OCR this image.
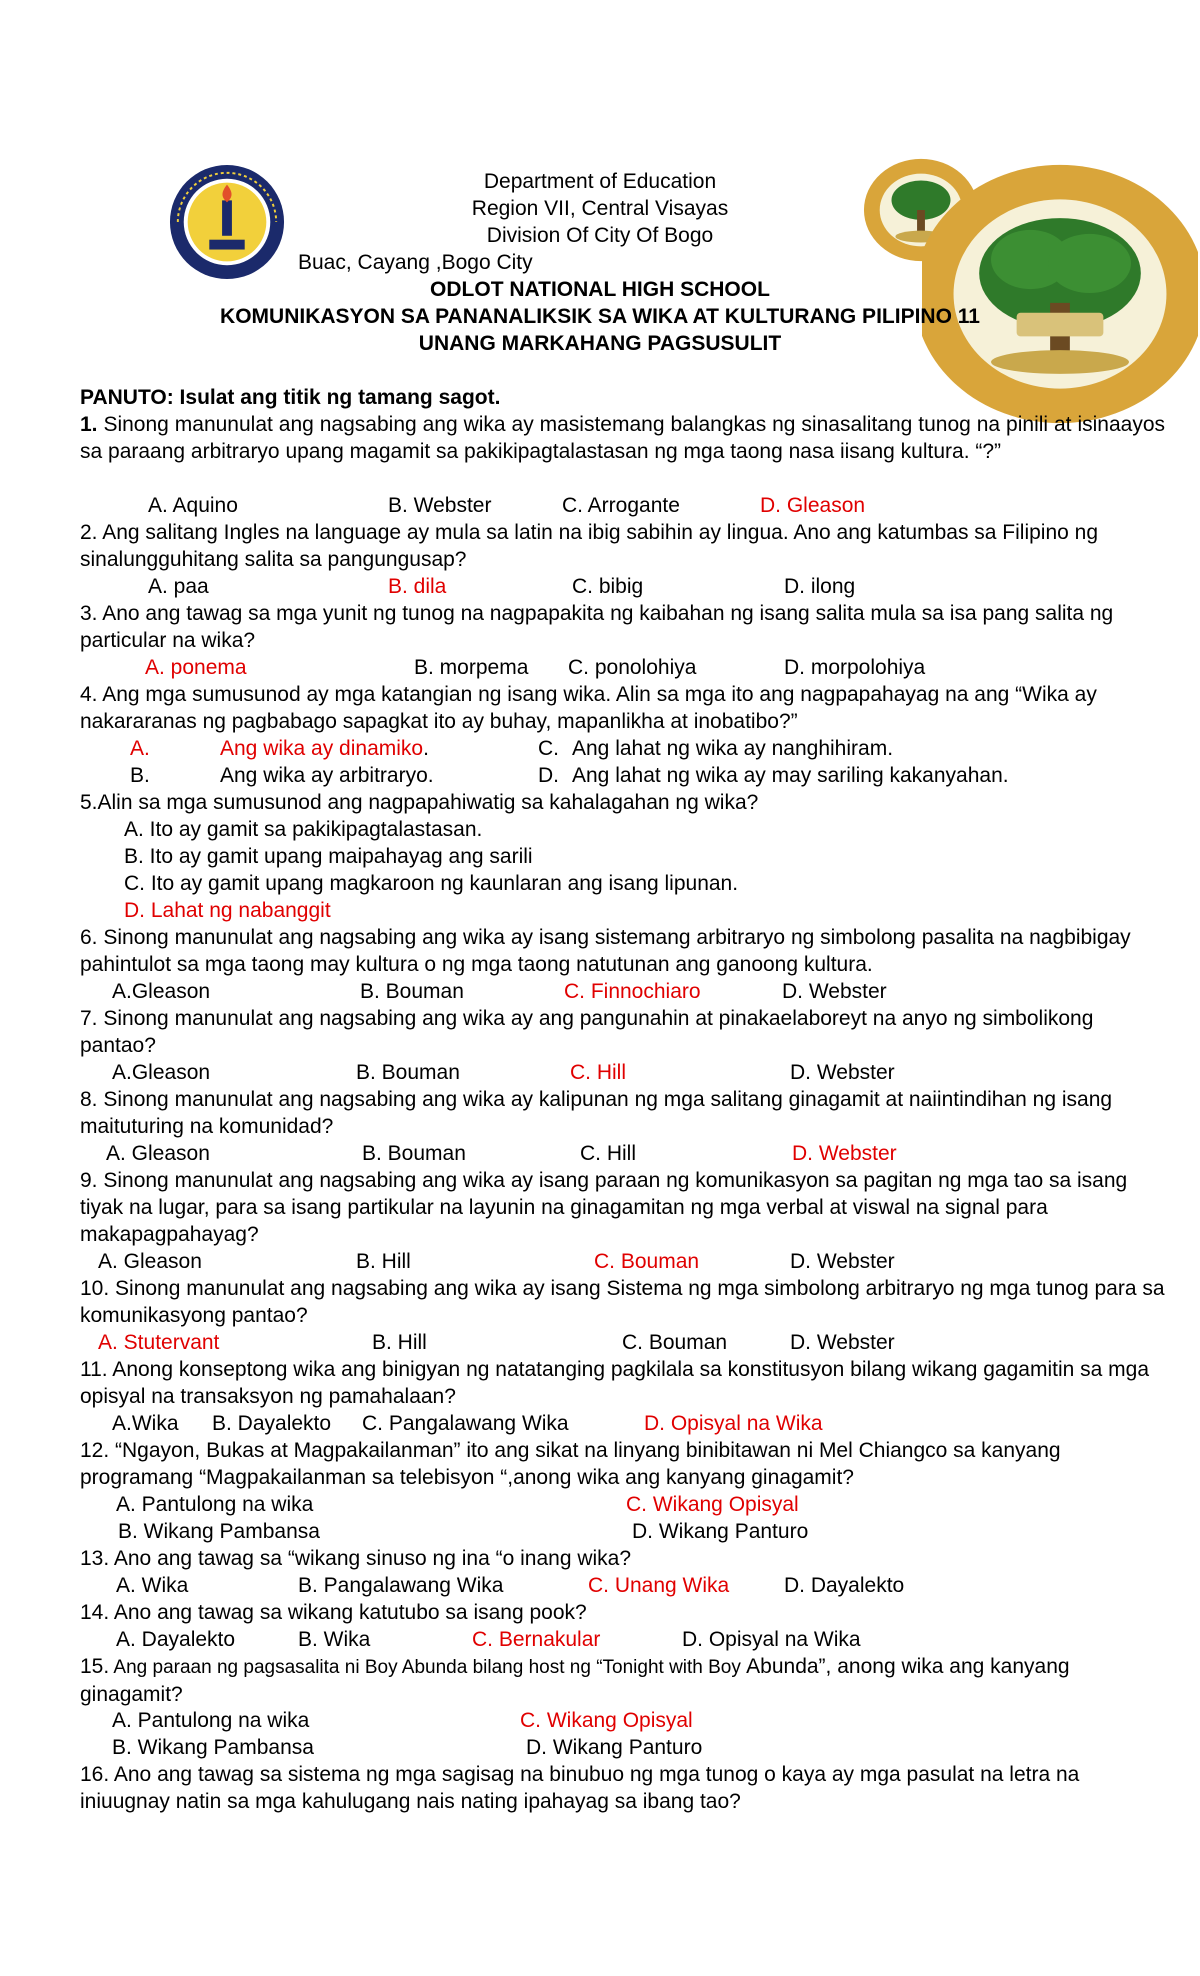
Department of Education
Region VII, Central Visayas
Division Of City Of Bogo
Buac, Cayang ,Bogo City
ODLOT NATIONAL HIGH SCHOOL
KOMUNIKASYON SA PANANALIKSIK SA WIKA AT KULTURANG PILIPINO 11
UNANG MARKAHANG PAGSUSULIT
PANUTO: Isulat ang titik ng tamang sagot.
1. Sinong manunulat ang nagsabing ang wika ay masistemang balangkas ng sinasalitang tunog na pinili at isinaayos sa paraang arbitraryo upang magamit sa pakikipagtalastasan ng mga taong nasa iisang kultura. “?”
A. Aquino	B. Webster	C. Arrogante	D. Gleason
2. Ang salitang Ingles na language ay mula sa latin na ibig sabihin ay lingua. Ano ang katumbas sa Filipino ng sinalungguhitang salita sa pangungusap?
A. paa	B. dila	C. bibig	D. ilong
3. Ano ang tawag sa mga yunit ng tunog na nagpapakita ng kaibahan ng isang salita mula sa isa pang salita ng particular na wika?
A. ponema	B. morpema C. ponolohiya	D. morpolohiya
4. Ang mga sumusunod ay mga katangian ng isang wika. Alin sa mga ito ang nagpapahayag na ang “Wika ay nakararanas ng pagbabago sapagkat ito ay buhay, mapanlikha at inobatibo?”
A.	Ang wika ay dinamiko.	C. Ang lahat ng wika ay nanghihiram.
B.	Ang wika ay arbitraryo.	D. Ang lahat ng wika ay may sariling kakanyahan.
5.Alin sa mga sumusunod ang nagpapahiwatig sa kahalagahan ng wika?
A. Ito ay gamit sa pakikipagtalastasan.
B. Ito ay gamit upang maipahayag ang sarili
C. Ito ay gamit upang magkaroon ng kaunlaran ang isang lipunan.
D. Lahat ng nabanggit
6. Sinong manunulat ang nagsabing ang wika ay isang sistemang arbitraryo ng simbolong pasalita na nagbibigay pahintulot sa mga taong may kultura o ng mga taong natutunan ang ganoong kultura.
A.Gleason	B. Bouman	C. Finnochiaro	D. Webster
7. Sinong manunulat ang nagsabing ang wika ay ang pangunahin at pinakaelaboreyt na anyo ng simbolikong pantao?
A.Gleason	B. Bouman	C. Hill	D. Webster
8. Sinong manunulat ang nagsabing ang wika ay kalipunan ng mga salitang ginagamit at naiintindihan ng isang maituturing na komunidad?
A. Gleason	B. Bouman	C. Hill	D. Webster
9. Sinong manunulat ang nagsabing ang wika ay isang paraan ng komunikasyon sa pagitan ng mga tao sa isang tiyak na lugar, para sa isang partikular na layunin na ginagamitan ng mga verbal at viswal na signal para makapagpahayag?
A. Gleason	B. Hill	C. Bouman	D. Webster
10. Sinong manunulat ang nagsabing ang wika ay isang Sistema ng mga simbolong arbitraryo ng mga tunog para sa komunikasyong pantao?
A. Stutervant	B. Hill	C. Bouman	D. Webster
11. Anong konseptong wika ang binigyan ng natatanging pagkilala sa konstitusyon bilang wikang gagamitin sa mga opisyal na transaksyon ng pamahalaan?
A.Wika B. Dayalekto C. Pangalawang Wika	D. Opisyal na Wika
12. “Ngayon, Bukas at Magpakailanman” ito ang sikat na linyang binibitawan ni Mel Chiangco sa kanyang programang “Magpakailanman sa telebisyon “,anong wika ang kanyang ginagamit?
A. Pantulong na wika	C. Wikang Opisyal
B. Wikang Pambansa	D. Wikang Panturo
13. Ano ang tawag sa “wikang sinuso ng ina “o inang wika?
A. Wika	B. Pangalawang Wika	C. Unang Wika	D. Dayalekto
14. Ano ang tawag sa wikang katutubo sa isang pook?
A. Dayalekto	B. Wika	C. Bernakular	D. Opisyal na Wika
15. Ang paraan ng pagsasalita ni Boy Abunda bilang host ng “Tonight with Boy Abunda”, anong wika ang kanyang ginagamit?
A. Pantulong na wika	C. Wikang Opisyal
B. Wikang Pambansa	D. Wikang Panturo
16. Ano ang tawag sa sistema ng mga sagisag na binubuo ng mga tunog o kaya ay mga pasulat na letra na iniuugnay natin sa mga kahulugang nais nating ipahayag sa ibang tao?
